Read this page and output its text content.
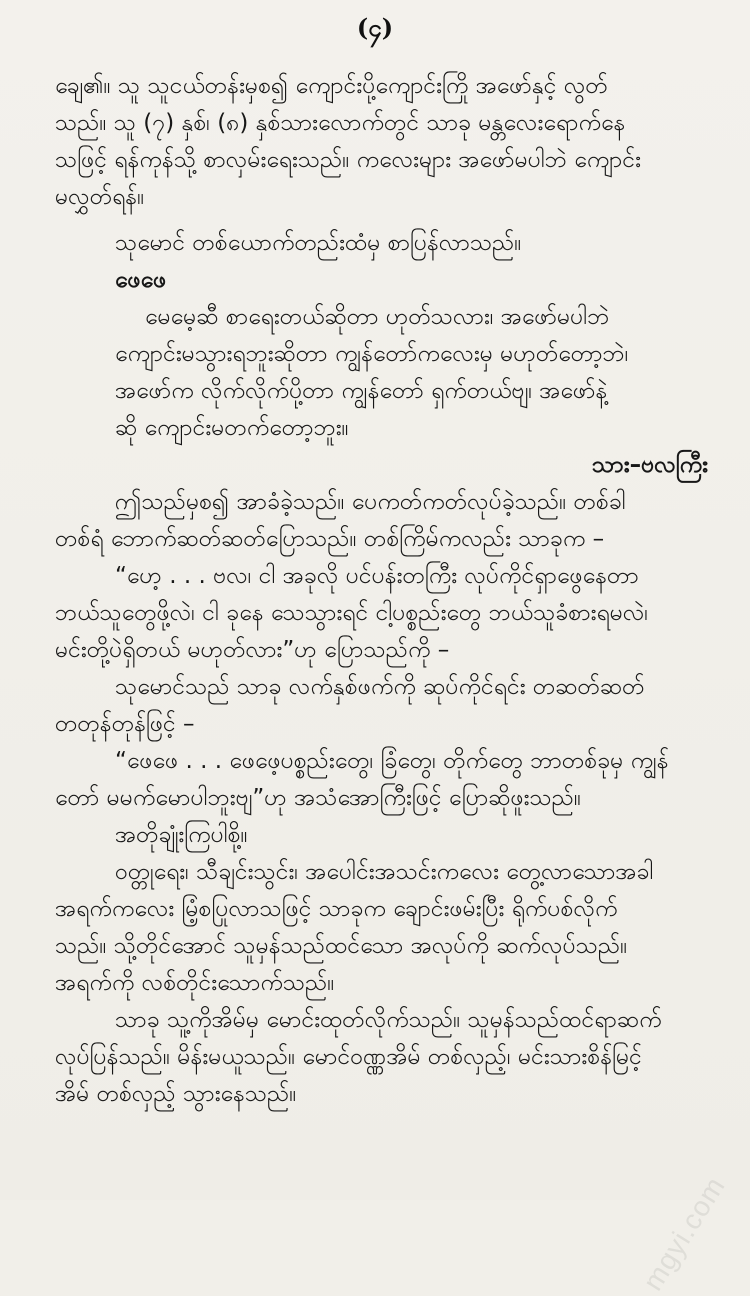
(၄)
ချေ၏။ သူ သူငယ်တန်းမှစ၍ ကျောင်းပို့ကျောင်းကြို အဖော်နှင့် လွတ်
သည်။ သူ (၇) နှစ်၊ (၈) နှစ်သားလောက်တွင် သာခု မန္တလေးရောက်နေ
သဖြင့် ရန်ကုန်သို့ စာလှမ်းရေးသည်။ ကလေးများ အဖော်မပါဘဲ ကျောင်း
မလွှတ်ရန်။
သုမောင် တစ်ယောက်တည်းထံမှ စာပြန်လာသည်။
ဖေဖေ
မေမေ့ဆီ စာရေးတယ်ဆိုတာ ဟုတ်သလား၊ အဖော်မပါဘဲ
ကျောင်းမသွားရဘူးဆိုတာ ကျွန်တော်ကလေးမှ မဟုတ်တော့ဘဲ၊
အဖော်က လိုက်လိုက်ပို့တာ ကျွန်တော် ရှက်တယ်ဗျ၊ အဖော်နဲ့
ဆို ကျောင်းမတက်တော့ဘူး။
သား–ဗလကြီး
ဤသည်မှစ၍ အာခံခဲ့သည်။ ပေကတ်ကတ်လုပ်ခဲ့သည်။ တစ်ခါ
တစ်ရံ ဘောက်ဆတ်ဆတ်ပြောသည်။ တစ်ကြိမ်ကလည်း သာခုက –
“ဟေ့ . . . ဗလ၊ ငါ အခုလို ပင်ပန်းတကြီး လုပ်ကိုင်ရှာဖွေနေတာ
ဘယ်သူတွေဖို့လဲ၊ ငါ ခုနေ သေသွားရင် ငါ့ပစ္စည်းတွေ ဘယ်သူခံစားရမလဲ၊
မင်းတို့ပဲရှိတယ် မဟုတ်လား”ဟု ပြောသည်ကို –
သုမောင်သည် သာခု လက်နှစ်ဖက်ကို ဆုပ်ကိုင်ရင်း တဆတ်ဆတ်
တတုန်တုန်ဖြင့် –
“ဖေဖေ . . . ဖေဖေ့ပစ္စည်းတွေ၊ ခြံတွေ၊ တိုက်တွေ ဘာတစ်ခုမှ ကျွန်
တော် မမက်မောပါဘူးဗျ”ဟု အသံအောကြီးဖြင့် ပြောဆိုဖူးသည်။
အတိုချုံးကြပါစို့။
ဝတ္တုရေး၊ သီချင်းသွင်း၊ အပေါင်းအသင်းကလေး တွေ့လာသောအခါ
အရက်ကလေး မြံ့စပြုလာသဖြင့် သာခုက ချောင်းဖမ်းပြီး ရိုက်ပစ်လိုက်
သည်။ သို့တိုင်အောင် သူမှန်သည်ထင်သော အလုပ်ကို ဆက်လုပ်သည်။
အရက်ကို လစ်တိုင်းသောက်သည်။
သာခု သူ့ကိုအိမ်မှ မောင်းထုတ်လိုက်သည်။ သူမှန်သည်ထင်ရာဆက်
လုပ်ပြန်သည်။ မိန်းမယူသည်။ မောင်ဝဏ္ဏအိမ် တစ်လှည့်၊ မင်းသားစိန်မြင့်
အိမ် တစ်လှည့် သွားနေသည်။
mgyi.com
